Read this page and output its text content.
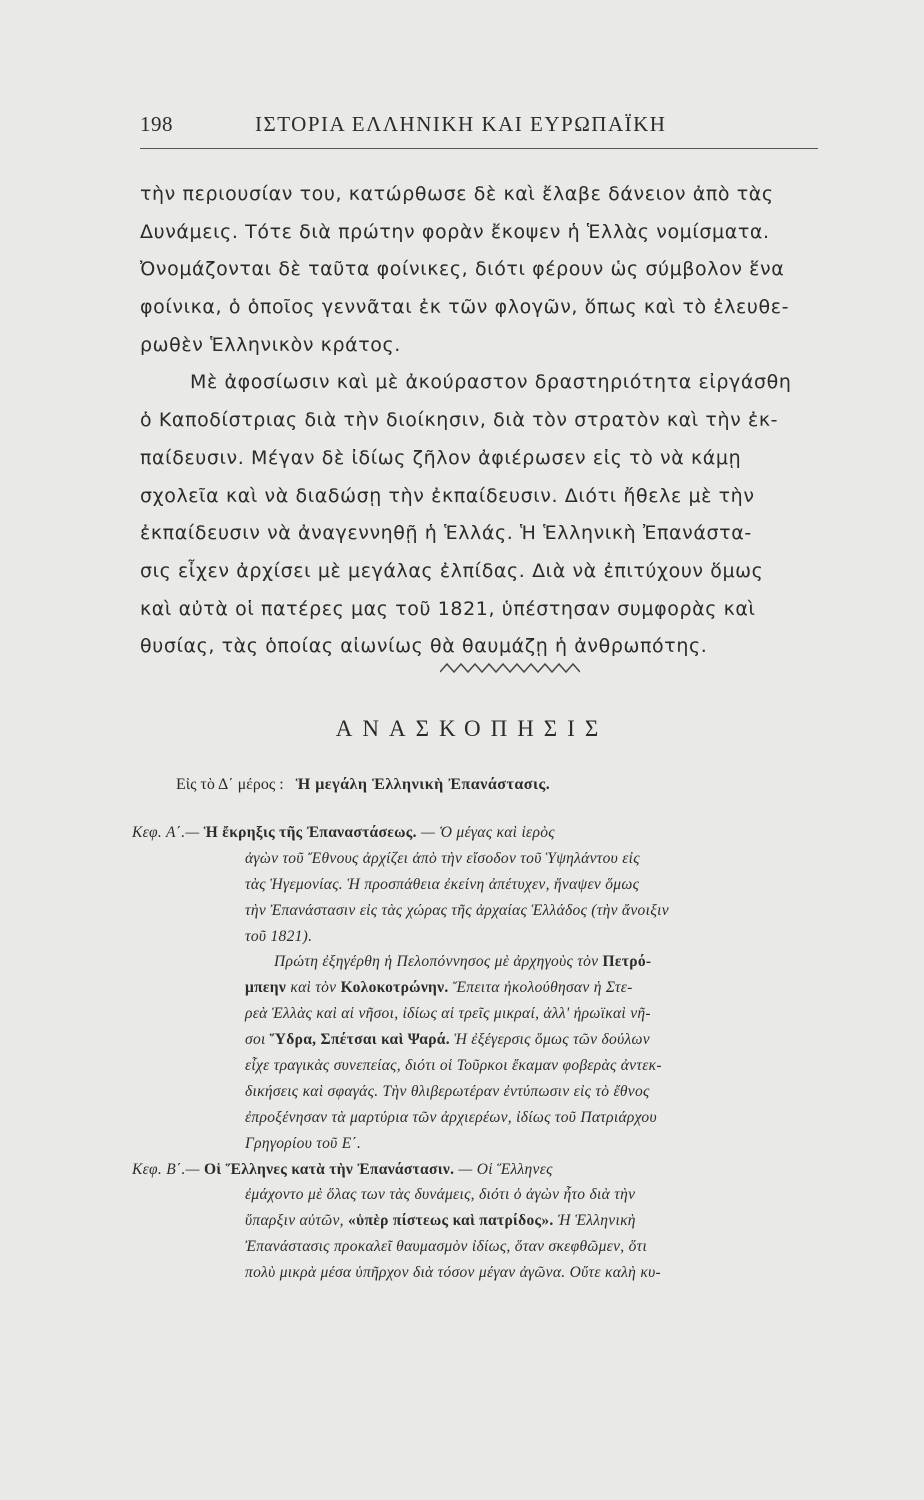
198	ΙΣΤΟΡΙΑ ΕΛΛΗΝΙΚΗ ΚΑΙ ΕΥΡΩΠΑΪΚΗ
τὴν περιουσίαν του, κατώρθωσε δὲ καὶ ἔλαβε δάνειον ἀπὸ τὰς
Δυνάμεις. Τότε διὰ πρώτην φορὰν ἔκοψεν ἡ Ἑλλὰς νομίσματα.
Ὀνομάζονται δὲ ταῦτα φοίνικες, διότι φέρουν ὡς σύμβολον ἕνα
φοίνικα, ὁ ὁποῖος γεννᾶται ἐκ τῶν φλογῶν, ὅπως καὶ τὸ ἐλευθε-
ρωθὲν Ἑλληνικὸν κράτος.
Μὲ ἀφοσίωσιν καὶ μὲ ἀκούραστον δραστηριότητα εἰργάσθη
ὁ Καποδίστριας διὰ τὴν διοίκησιν, διὰ τὸν στρατὸν καὶ τὴν ἐκ-
παίδευσιν. Μέγαν δὲ ἰδίως ζῆλον ἀφιέρωσεν εἰς τὸ νὰ κάμῃ
σχολεῖα καὶ νὰ διαδώσῃ τὴν ἐκπαίδευσιν. Διότι ἤθελε μὲ τὴν
ἐκπαίδευσιν νὰ ἀναγεννηθῇ ἡ Ἑλλάς. Ἡ Ἑλληνικὴ Ἐπανάστα-
σις εἶχεν ἀρχίσει μὲ μεγάλας ἐλπίδας. Διὰ νὰ ἐπιτύχουν ὅμως
καὶ αὐτὰ οἱ πατέρες μας τοῦ 1821, ὑπέστησαν συμφορὰς καὶ
θυσίας, τὰς ὁποίας αἰωνίως θὰ θαυμάζῃ ἡ ἀνθρωπότης.
ΑΝΑΣΚΟΠΗΣΙΣ
Εἰς τὸ Δ΄ μέρος : Ἡ μεγάλη Ἑλληνικὴ Ἐπανάστασις.
Κεφ. Α΄.— Ἡ ἔκρηξις τῆς Ἐπαναστάσεως. — Ὁ μέγας καὶ ἱερὸς
ἀγὼν τοῦ Ἔθνους ἀρχίζει ἀπὸ τὴν εἴσοδον τοῦ Ὑψηλάντου εἰς
τὰς Ἡγεμονίας. Ἡ προσπάθεια ἐκείνη ἀπέτυχεν, ἥναψεν ὅμως
τὴν Ἐπανάστασιν εἰς τὰς χώρας τῆς ἀρχαίας Ἑλλάδος (τὴν ἄνοιξιν
τοῦ 1821).
Πρώτη ἐξηγέρθη ἡ Πελοπόννησος μὲ ἀρχηγοὺς τὸν Πετρό-
μπεην καὶ τὸν Κολοκοτρώνην. Ἔπειτα ἠκολούθησαν ἡ Στε-
ρεὰ Ἑλλὰς καὶ αἱ νῆσοι, ἰδίως αἱ τρεῖς μικραί, ἀλλ' ἡρωϊκαὶ νῆ-
σοι Ὕδρα, Σπέτσαι καὶ Ψαρά. Ἡ ἐξέγερσις ὅμως τῶν δούλων
εἶχε τραγικὰς συνεπείας, διότι οἱ Τοῦρκοι ἔκαμαν φοβερὰς ἀντεκ-
δικήσεις καὶ σφαγάς. Τὴν θλιβερωτέραν ἐντύπωσιν εἰς τὸ ἔθνος
ἐπροξένησαν τὰ μαρτύρια τῶν ἀρχιερέων, ἰδίως τοῦ Πατριάρχου
Γρηγορίου τοῦ Ε΄.
Κεφ. Β΄.— Οἱ Ἕλληνες κατὰ τὴν Ἐπανάστασιν. — Οἱ Ἕλληνες
ἐμάχοντο μὲ ὅλας των τὰς δυνάμεις, διότι ὁ ἀγὼν ἦτο διὰ τὴν
ὕπαρξιν αὐτῶν, «ὑπὲρ πίστεως καὶ πατρίδος». Ἡ Ἑλληνικὴ
Ἐπανάστασις προκαλεῖ θαυμασμὸν ἰδίως, ὅταν σκεφθῶμεν, ὅτι
πολὺ μικρὰ μέσα ὑπῆρχον διὰ τόσον μέγαν ἀγῶνα. Οὔτε καλὴ κυ-
